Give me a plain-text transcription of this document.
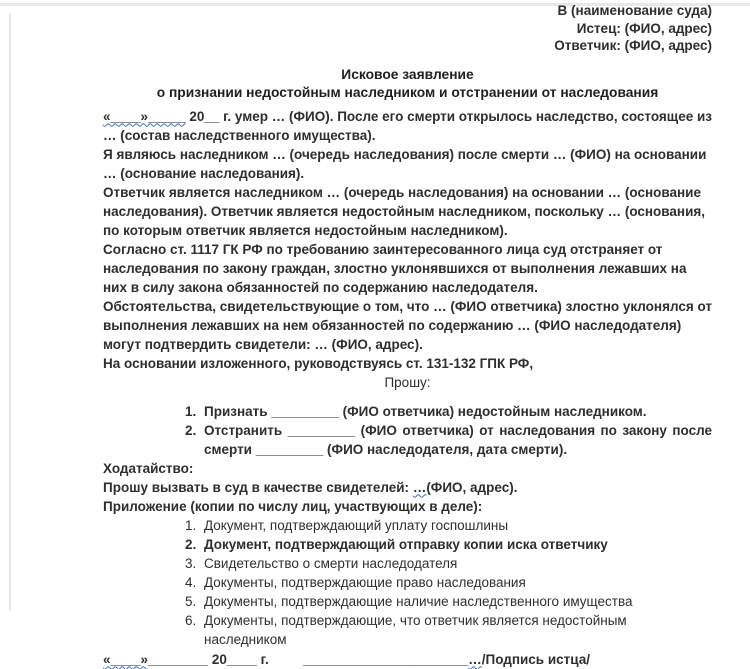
В (наименование суда)
Истец: (ФИО, адрес)
Ответчик: (ФИО, адрес)
Исковое заявление
о признании недостойным наследником и отстранении от наследования

«____»_____ 20__ г. умер … (ФИО). После его смерти открылось наследство, состоящее из … (состав наследственного имущества).

Я являюсь наследником … (очередь наследования) после смерти … (ФИО) на основании … (основание наследования).

Ответчик является наследником … (очередь наследования) на основании … (основание наследования). Ответчик является недостойным наследником, поскольку … (основания, по которым ответчик является недостойным наследником).

Согласно ст. 1117 ГК РФ по требованию заинтересованного лица суд отстраняет от наследования по закону граждан, злостно уклонявшихся от выполнения лежавших на них в силу закона обязанностей по содержанию наследодателя.

Обстоятельства, свидетельствующие о том, что … (ФИО ответчика) злостно уклонялся от выполнения лежавших на нем обязанностей по содержанию … (ФИО наследодателя) могут подтвердить свидетели: … (ФИО, адрес).

На основании изложенного, руководствуясь ст. 131-132 ГПК РФ,

Прошу:

1. Признать _________ (ФИО ответчика) недостойным наследником.
2. Отстранить _________ (ФИО ответчика) от наследования по закону после смерти _________ (ФИО наследодателя, дата смерти).

Ходатайство:

Прошу вызвать в суд в качестве свидетелей: …(ФИО, адрес).

Приложение (копии по числу лиц, участвующих в деле):

1. Документ, подтверждающий уплату госпошлины
2. Документ, подтверждающий отправку копии иска ответчику
3. Свидетельство о смерти наследодателя
4. Документы, подтверждающие право наследования
5. Документы, подтверждающие наличие наследственного имущества
6. Документы, подтверждающие, что ответчик является недостойным наследником
«____»________ 20____ г.	______________________…/Подпись истца/
